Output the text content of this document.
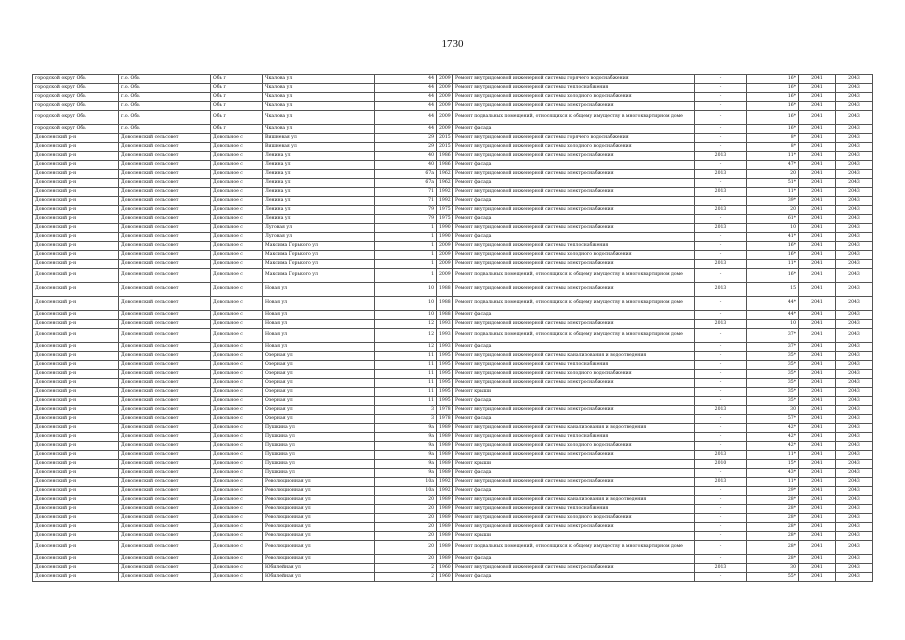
1730
городской округ Обь	г.о. Обь	Обь г	Чкалова ул	44	2009	Ремонт внутридомовой инженерной системы горячего водоснабжения	-	16*	2041	2043
городской округ Обь	г.о. Обь	Обь г	Чкалова ул	44	2009	Ремонт внутридомовой инженерной системы теплоснабжения	-	16*	2041	2043
городской округ Обь	г.о. Обь	Обь г	Чкалова ул	44	2009	Ремонт внутридомовой инженерной системы холодного водоснабжения	-	16*	2041	2043
городской округ Обь	г.о. Обь	Обь г	Чкалова ул	44	2009	Ремонт внутридомовой инженерной системы электроснабжения	-	16*	2041	2043
городской округ Обь	г.о. Обь	Обь г	Чкалова ул	44	2009	Ремонт подвальных помещений, относящихся к общему имуществу в многоквартирном доме	-	16*	2041	2043
городской округ Обь	г.о. Обь	Обь г	Чкалова ул	44	2009	Ремонт фасада	-	16*	2041	2043
Доволенский р-н	Доволенский сельсовет	Довольное с	Вишневая ул	29	2015	Ремонт внутридомовой инженерной системы горячего водоснабжения	-	8*	2041	2043
Доволенский р-н	Доволенский сельсовет	Довольное с	Вишневая ул	29	2015	Ремонт внутридомовой инженерной системы холодного водоснабжения	-	8*	2041	2043
Доволенский р-н	Доволенский сельсовет	Довольное с	Ленина ул	40	1986	Ремонт внутридомовой инженерной системы электроснабжения	2013	11*	2041	2043
Доволенский р-н	Доволенский сельсовет	Довольное с	Ленина ул	40	1986	Ремонт фасада	-	47*	2041	2043
Доволенский р-н	Доволенский сельсовет	Довольное с	Ленина ул	67а	1962	Ремонт внутридомовой инженерной системы электроснабжения	2013	20	2041	2043
Доволенский р-н	Доволенский сельсовет	Довольное с	Ленина ул	67а	1962	Ремонт фасада	-	51*	2041	2043
Доволенский р-н	Доволенский сельсовет	Довольное с	Ленина ул	71	1992	Ремонт внутридомовой инженерной системы электроснабжения	2013	11*	2041	2043
Доволенский р-н	Доволенский сельсовет	Довольное с	Ленина ул	71	1992	Ремонт фасада	-	39*	2041	2043
Доволенский р-н	Доволенский сельсовет	Довольное с	Ленина ул	79	1975	Ремонт внутридомовой инженерной системы электроснабжения	2013	20	2041	2043
Доволенский р-н	Доволенский сельсовет	Довольное с	Ленина ул	79	1975	Ремонт фасада	-	61*	2041	2043
Доволенский р-н	Доволенский сельсовет	Довольное с	Луговая ул	1	1990	Ремонт внутридомовой инженерной системы электроснабжения	2013	10	2041	2043
Доволенский р-н	Доволенский сельсовет	Довольное с	Луговая ул	1	1990	Ремонт фасада	-	41*	2041	2043
Доволенский р-н	Доволенский сельсовет	Довольное с	Максима Горького ул	1	2009	Ремонт внутридомовой инженерной системы теплоснабжения	-	16*	2041	2043
Доволенский р-н	Доволенский сельсовет	Довольное с	Максима Горького ул	1	2009	Ремонт внутридомовой инженерной системы холодного водоснабжения	-	16*	2041	2043
Доволенский р-н	Доволенский сельсовет	Довольное с	Максима Горького ул	1	2009	Ремонт внутридомовой инженерной системы электроснабжения	2013	11*	2041	2043
Доволенский р-н	Доволенский сельсовет	Довольное с	Максима Горького ул	1	2009	Ремонт подвальных помещений, относящихся к общему имуществу в многоквартирном доме	-	16*	2041	2043
Доволенский р-н	Доволенский сельсовет	Довольное с	Новая ул	10	1988	Ремонт внутридомовой инженерной системы электроснабжения	2013	15	2041	2043
Доволенский р-н	Доволенский сельсовет	Довольное с	Новая ул	10	1988	Ремонт подвальных помещений, относящихся к общему имуществу в многоквартирном доме	-	44*	2041	2043
Доволенский р-н	Доволенский сельсовет	Довольное с	Новая ул	10	1988	Ремонт фасада	-	44*	2041	2043
Доволенский р-н	Доволенский сельсовет	Довольное с	Новая ул	12	1993	Ремонт внутридомовой инженерной системы электроснабжения	2013	10	2041	2043
Доволенский р-н	Доволенский сельсовет	Довольное с	Новая ул	12	1993	Ремонт подвальных помещений, относящихся к общему имуществу в многоквартирном доме	-	37*	2041	2043
Доволенский р-н	Доволенский сельсовет	Довольное с	Новая ул	12	1993	Ремонт фасада	-	37*	2041	2043
Доволенский р-н	Доволенский сельсовет	Довольное с	Озерная ул	11	1995	Ремонт внутридомовой инженерной системы канализования и водоотведения	-	35*	2041	2043
Доволенский р-н	Доволенский сельсовет	Довольное с	Озерная ул	11	1995	Ремонт внутридомовой инженерной системы теплоснабжения	-	35*	2041	2043
Доволенский р-н	Доволенский сельсовет	Довольное с	Озерная ул	11	1995	Ремонт внутридомовой инженерной системы холодного водоснабжения	-	35*	2041	2043
Доволенский р-н	Доволенский сельсовет	Довольное с	Озерная ул	11	1995	Ремонт внутридомовой инженерной системы электроснабжения	-	35*	2041	2043
Доволенский р-н	Доволенский сельсовет	Довольное с	Озерная ул	11	1995	Ремонт крыши	-	35*	2041	2043
Доволенский р-н	Доволенский сельсовет	Довольное с	Озерная ул	11	1995	Ремонт фасада	-	35*	2041	2043
Доволенский р-н	Доволенский сельсовет	Довольное с	Озерная ул	3	1978	Ремонт внутридомовой инженерной системы электроснабжения	2013	30	2041	2043
Доволенский р-н	Доволенский сельсовет	Довольное с	Озерная ул	3	1978	Ремонт фасада	-	57*	2041	2043
Доволенский р-н	Доволенский сельсовет	Довольное с	Пушкина ул	9а	1989	Ремонт внутридомовой инженерной системы канализования и водоотведения	-	42*	2041	2043
Доволенский р-н	Доволенский сельсовет	Довольное с	Пушкина ул	9а	1989	Ремонт внутридомовой инженерной системы теплоснабжения	-	42*	2041	2043
Доволенский р-н	Доволенский сельсовет	Довольное с	Пушкина ул	9а	1989	Ремонт внутридомовой инженерной системы холодного водоснабжения	-	42*	2041	2043
Доволенский р-н	Доволенский сельсовет	Довольное с	Пушкина ул	9а	1989	Ремонт внутридомовой инженерной системы электроснабжения	2013	11*	2041	2043
Доволенский р-н	Доволенский сельсовет	Довольное с	Пушкина ул	9а	1989	Ремонт крыши	2010	15*	2041	2043
Доволенский р-н	Доволенский сельсовет	Довольное с	Пушкина ул	9а	1989	Ремонт фасада	-	43*	2041	2043
Доволенский р-н	Доволенский сельсовет	Довольное с	Революционная ул	10а	1992	Ремонт внутридомовой инженерной системы электроснабжения	2013	11*	2041	2043
Доволенский р-н	Доволенский сельсовет	Довольное с	Революционная ул	10а	1992	Ремонт фасада	-	29*	2041	2043
Доволенский р-н	Доволенский сельсовет	Довольное с	Революционная ул	20	1989	Ремонт внутридомовой инженерной системы канализования и водоотведения	-	28*	2041	2043
Доволенский р-н	Доволенский сельсовет	Довольное с	Революционная ул	20	1989	Ремонт внутридомовой инженерной системы теплоснабжения	-	28*	2041	2043
Доволенский р-н	Доволенский сельсовет	Довольное с	Революционная ул	20	1989	Ремонт внутридомовой инженерной системы холодного водоснабжения	-	28*	2041	2043
Доволенский р-н	Доволенский сельсовет	Довольное с	Революционная ул	20	1989	Ремонт внутридомовой инженерной системы электроснабжения	-	28*	2041	2043
Доволенский р-н	Доволенский сельсовет	Довольное с	Революционная ул	20	1989	Ремонт крыши	-	28*	2041	2043
Доволенский р-н	Доволенский сельсовет	Довольное с	Революционная ул	20	1989	Ремонт подвальных помещений, относящихся к общему имуществу в многоквартирном доме	-	28*	2041	2043
Доволенский р-н	Доволенский сельсовет	Довольное с	Революционная ул	20	1989	Ремонт фасада	-	28*	2041	2043
Доволенский р-н	Доволенский сельсовет	Довольное с	Юбилейная ул	2	1960	Ремонт внутридомовой инженерной системы электроснабжения	2013	30	2041	2043
Доволенский р-н	Доволенский сельсовет	Довольное с	Юбилейная ул	2	1960	Ремонт фасада	-	55*	2041	2043
